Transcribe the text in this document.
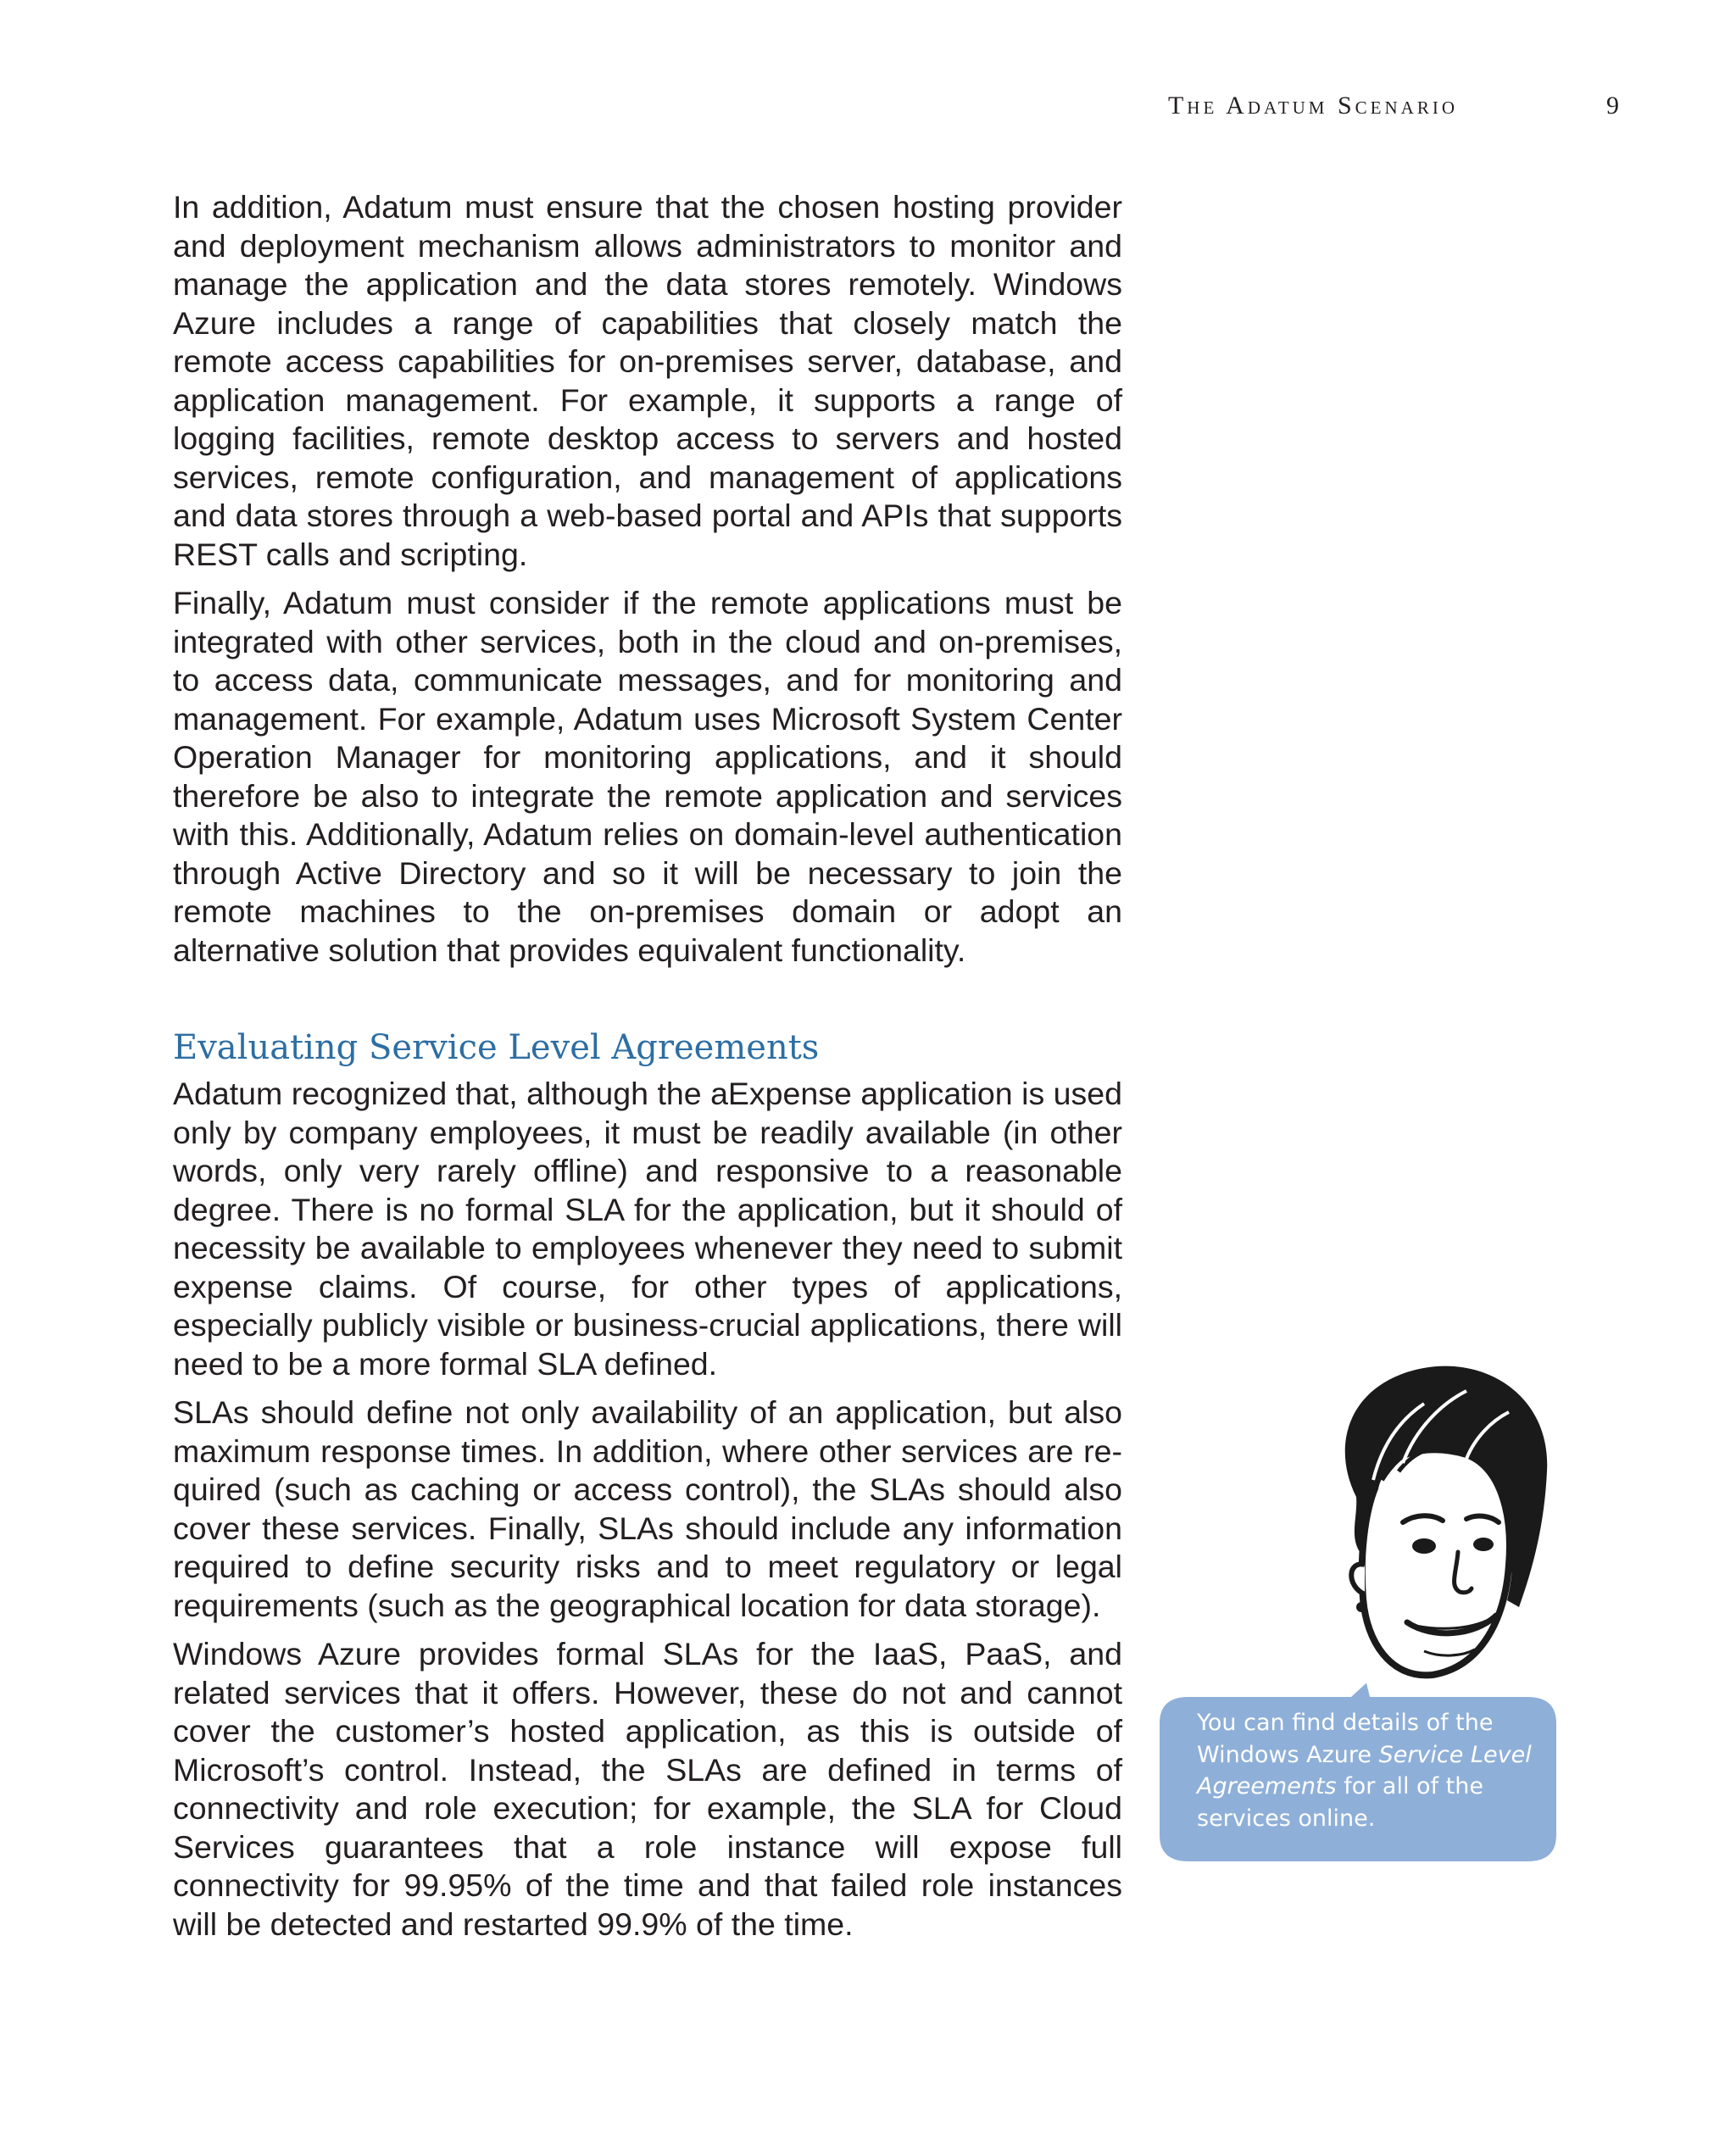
The Adatum Scenario	9

In addition, Adatum must ensure that the chosen hosting provider and deployment mechanism allows administrators to monitor and manage the application and the data stores remotely. Windows Azure includes a range of capabilities that closely match the remote access capabilities for on-premises server, database, and application management. For example, it supports a range of logging facilities, remote desktop access to servers and hosted services, remote configuration, and management of applications and data stores through a web-based portal and APIs that supports REST calls and scripting.

Finally, Adatum must consider if the remote applications must be integrated with other services, both in the cloud and on-premises, to access data, communicate messages, and for monitoring and management. For example, Adatum uses Microsoft System Center Operation Manager for monitoring applications, and it should therefore be also to integrate the remote application and services with this. Additionally, Adatum relies on domain-level authentication through Active Directory and so it will be necessary to join the remote machines to the on-premises domain or adopt an alternative solution that provides equivalent functionality.

Evaluating Service Level Agreements

Adatum recognized that, although the aExpense application is used only by company employees, it must be readily available (in other words, only very rarely offline) and responsive to a reasonable degree. There is no formal SLA for the application, but it should of necessity be available to employees whenever they need to submit expense claims. Of course, for other types of applications, especially publicly visible or business-crucial applications, there will need to be a more formal SLA defined.

SLAs should define not only availability of an application, but also maximum response times. In addition, where other services are required (such as caching or access control), the SLAs should also cover these services. Finally, SLAs should include any information required to define security risks and to meet regulatory or legal requirements (such as the geographical location for data storage).

Windows Azure provides formal SLAs for the IaaS, PaaS, and related services that it offers. However, these do not and cannot cover the customer’s hosted application, as this is outside of Microsoft’s control. Instead, the SLAs are defined in terms of connectivity and role execution; for example, the SLA for Cloud Services guarantees that a role instance will expose full connectivity for 99.95% of the time and that failed role instances will be detected and restarted 99.9% of the time.

You can find details of the Windows Azure Service Level Agreements for all of the services online.
